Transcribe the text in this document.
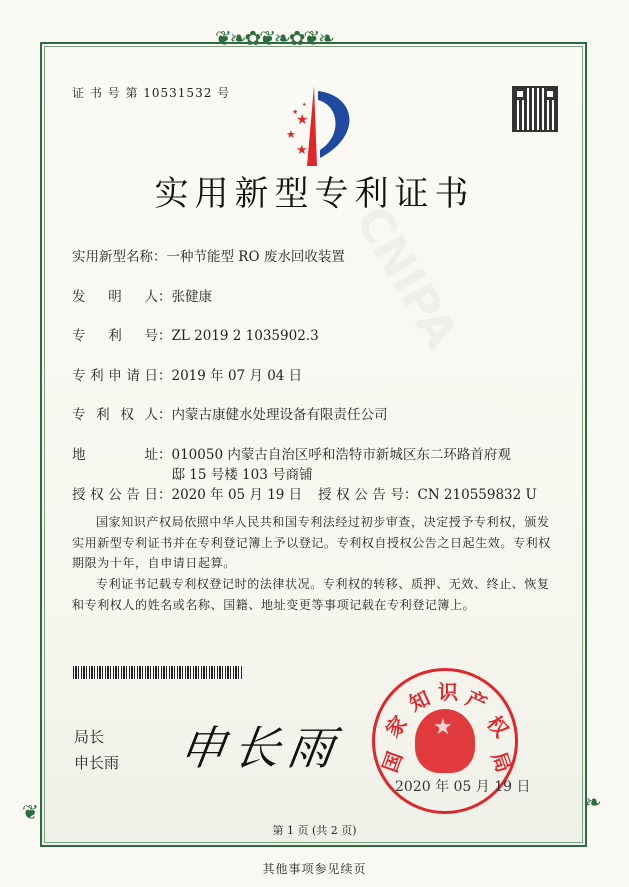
❦❧✿❦❧✿❦❧
❦	❧
证 书 号 第 10531532 号
★
★
★
★
★
实用新型专利证书
实用新型名称：一种节能型 RO 废水回收装置
发明人：张健康
专利号：ZL 2019 2 1035902.3
专利申请日：2019 年 07 月 04 日
专利权人：内蒙古康健水处理设备有限责任公司
地址：010050 内蒙古自治区呼和浩特市新城区东二环路首府观
邸 15 号楼 103 号商铺
授权公告日：2020 年 05 月 19 日 授权公告号：CN 210559832 U
国家知识产权局依照中华人民共和国专利法经过初步审查，决定授予专利权，颁发实用新型专利证书并在专利登记簿上予以登记。专利权自授权公告之日起生效。专利权期限为十年，自申请日起算。
专利证书记载专利权登记时的法律状况。专利权的转移、质押、无效、终止、恢复和专利权人的姓名或名称、国籍、地址变更等事项记载在专利登记簿上。
局长
申长雨 申长雨 国
家
知 识 产
权
局
★
2020 年 05 月 19 日
第 1 页 (共 2 页)
其他事项参见续页
